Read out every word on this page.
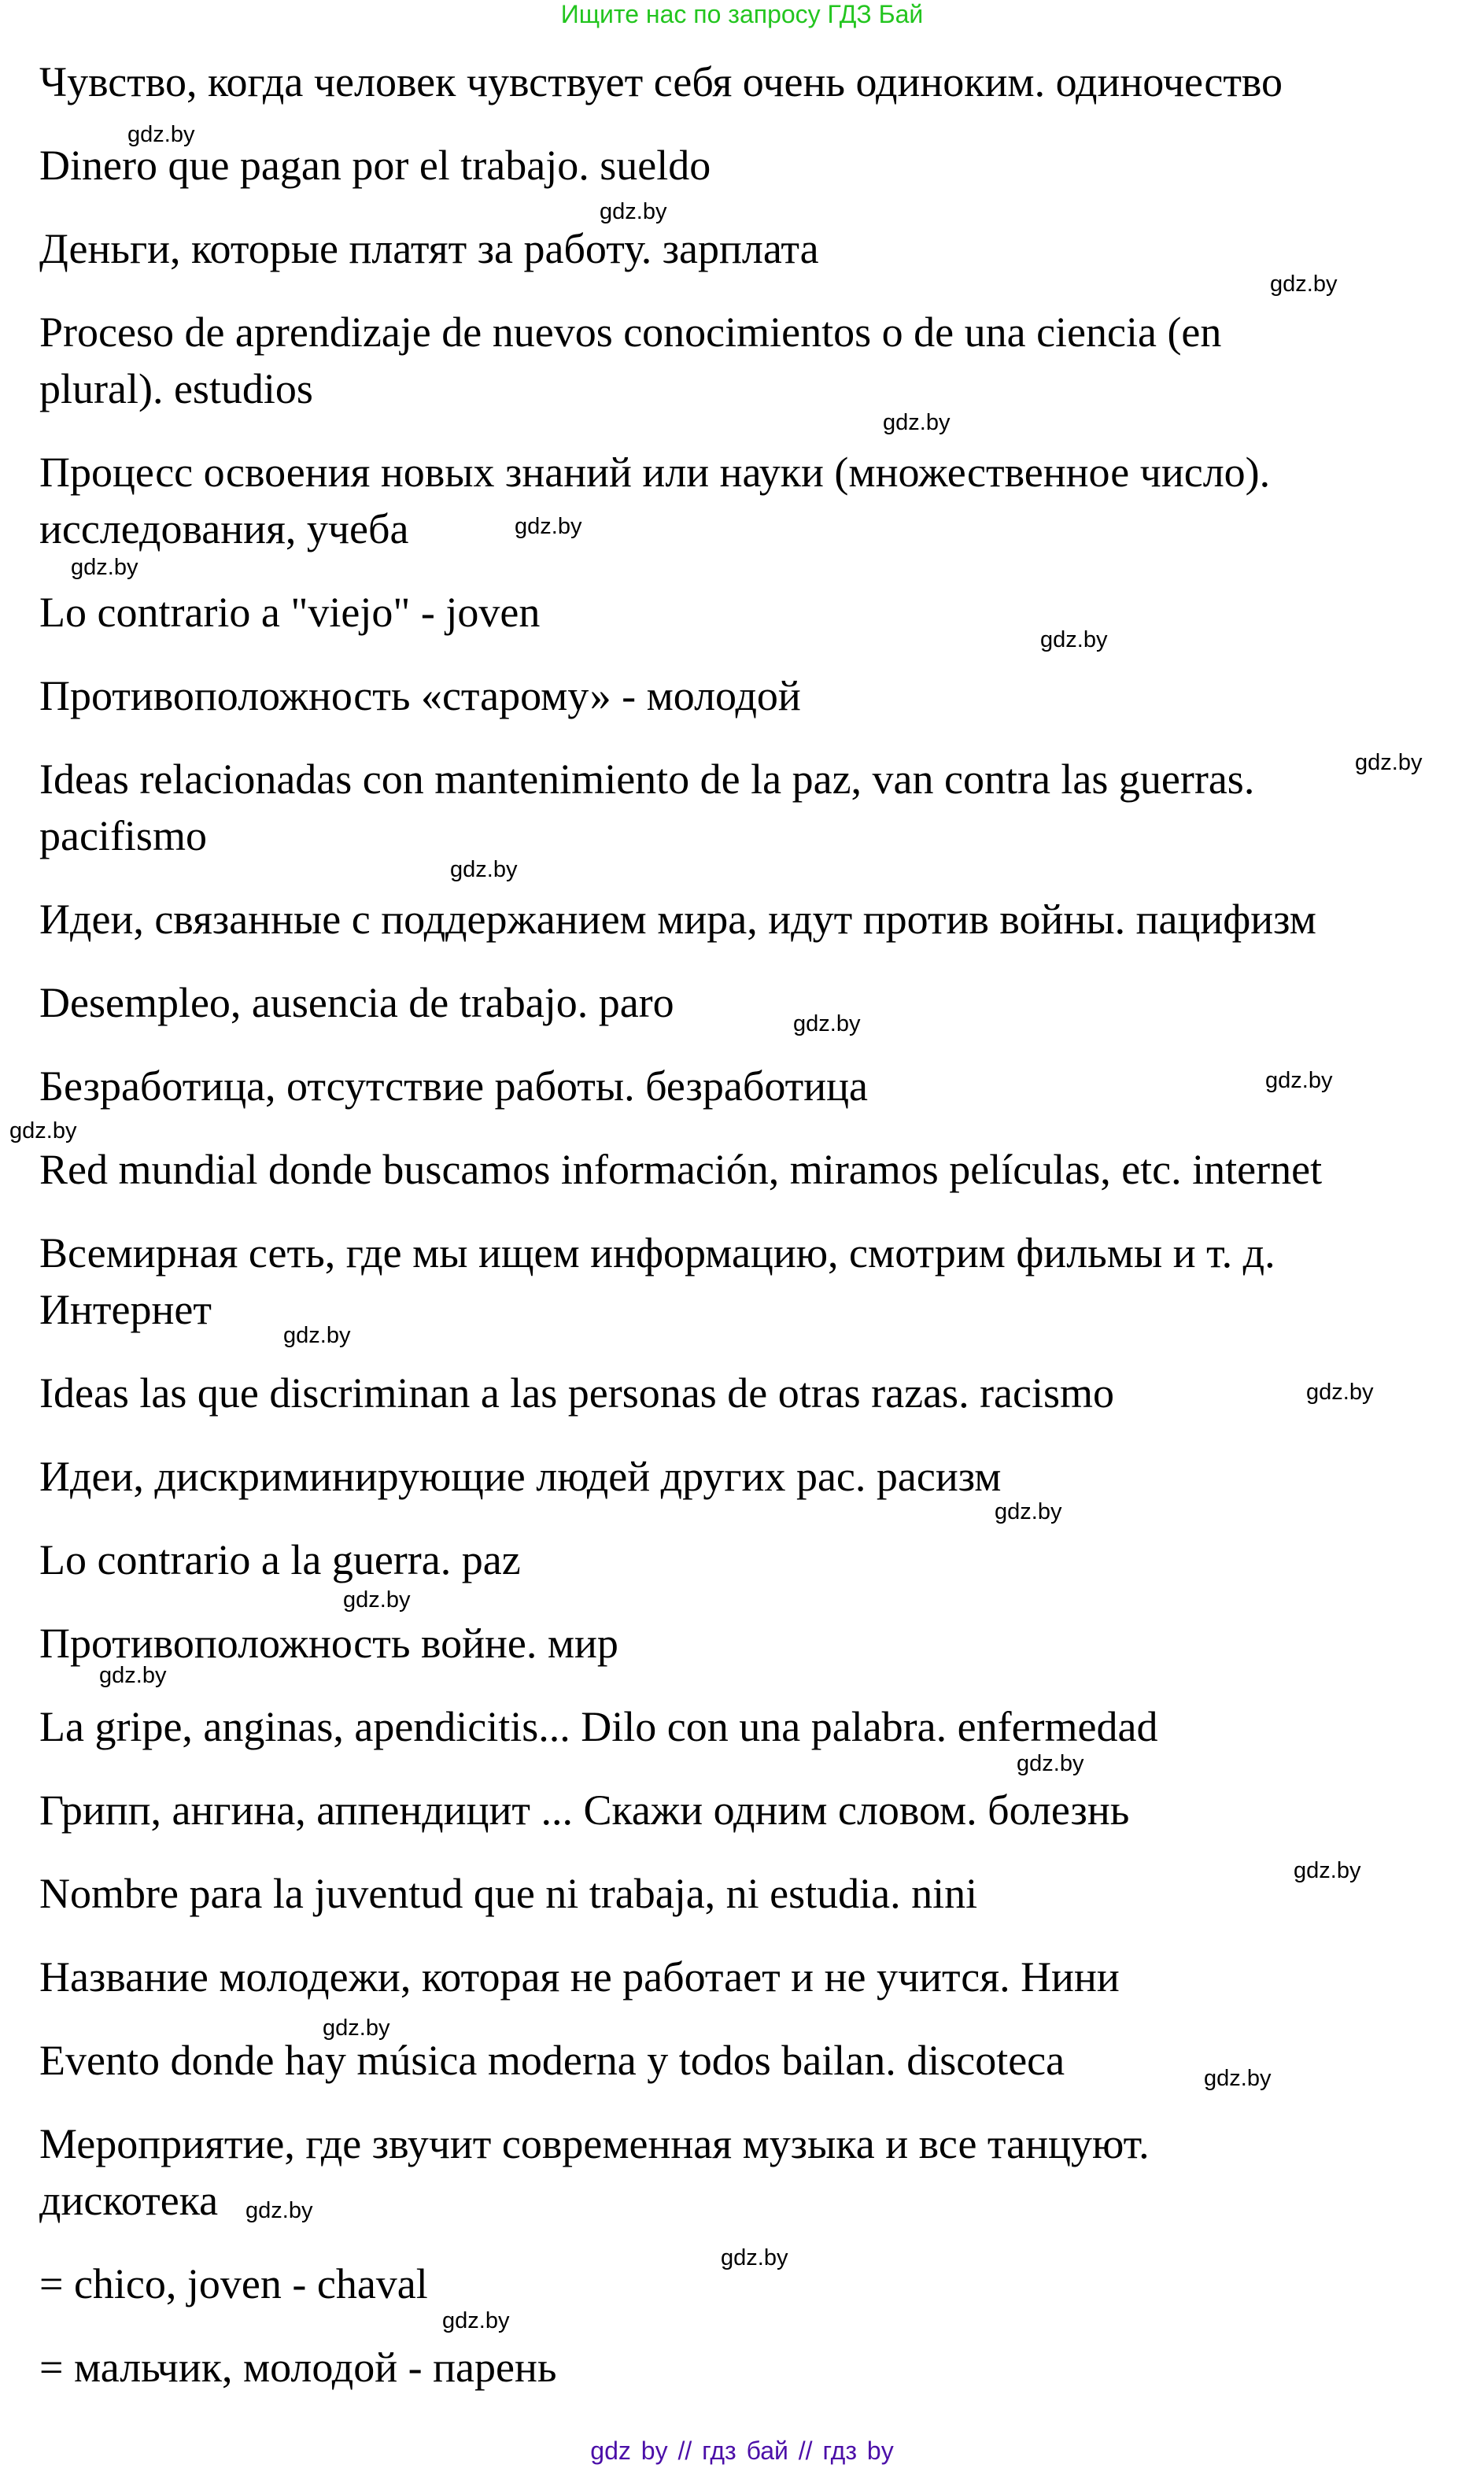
Ищите нас по запросу ГДЗ Бай
Чувство, когда человек чувствует себя очень одиноким. одиночество
Dinero que pagan por el trabajo. sueldo
Деньги, которые платят за работу. зарплата
Proceso de aprendizaje de nuevos conocimientos o de una ciencia (en
plural). estudios
Процесс освоения новых знаний или науки (множественное число).
исследования, учеба
Lo contrario a "viejo" - joven
Противоположность «старому» - молодой
Ideas relacionadas con mantenimiento de la paz, van contra las guerras.
pacifismo
Идеи, связанные с поддержанием мира, идут против войны. пацифизм
Desempleo, ausencia de trabajo. paro
Безработица, отсутствие работы. безработица
Red mundial donde buscamos información, miramos películas, etc. internet
Всемирная сеть, где мы ищем информацию, смотрим фильмы и т. д.
Интернет
Ideas las que discriminan a las personas de otras razas. racismo
Идеи, дискриминирующие людей других рас. расизм
Lo contrario a la guerra. paz
Противоположность войне. мир
La gripe, anginas, apendicitis... Dilo con una palabra. enfermedad
Грипп, ангина, аппендицит ... Скажи одним словом. болезнь
Nombre para la juventud que ni trabaja, ni estudia. nini
Название молодежи, которая не работает и не учится. Нини
Evento donde hay música moderna y todos bailan. discoteca
Мероприятие, где звучит современная музыка и все танцуют.
дискотека
= chico, joven - chaval
= мальчик, молодой - парень
gdz.by
gdz.by
gdz.by
gdz.by
gdz.by
gdz.by
gdz.by
gdz.by
gdz.by
gdz.by
gdz.by
gdz.by
gdz.by
gdz.by
gdz.by
gdz.by
gdz.by
gdz.by
gdz.by
gdz.by
gdz.by
gdz.by
gdz.by
gdz.by
gdz by // гдз бай // гдз by
